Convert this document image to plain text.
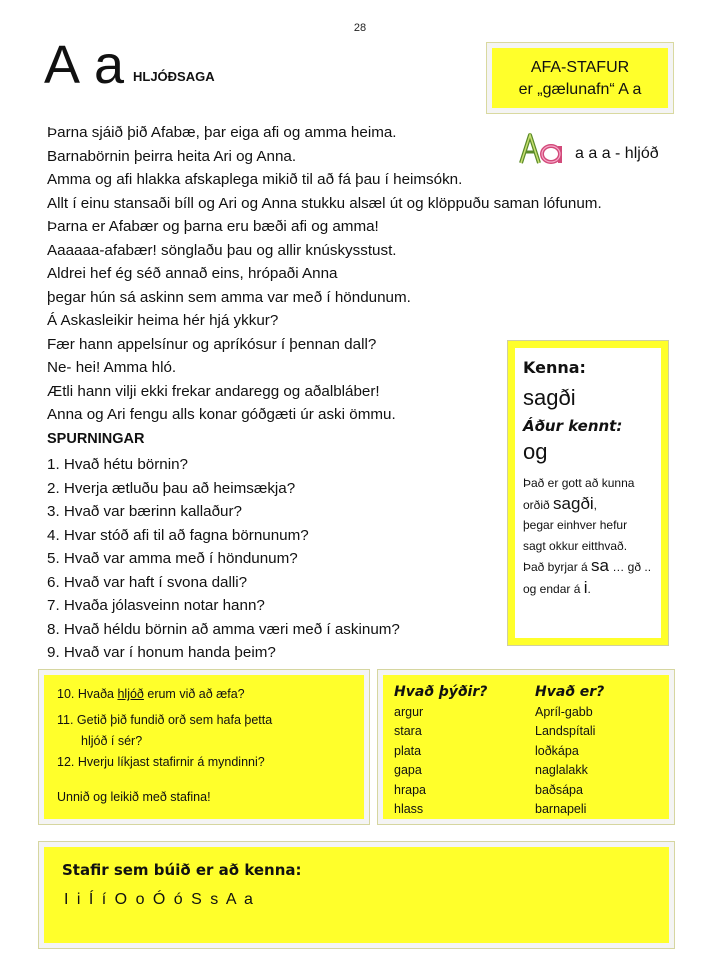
28
A a HLJÓÐSAGA
AFA-STAFUR
er „gælunafn“ A a
a a a - hljóð
Þarna sjáið þið Afabæ, þar eiga afi og amma heima.
Barnabörnin þeirra heita Ari og Anna.
Amma og afi hlakka afskaplega mikið til að fá þau í heimsókn.
Allt í einu stansaði bíll og Ari og Anna stukku alsæl út og klöppuðu saman lófunum.
Þarna er Afabær og þarna eru bæði afi og amma!
Aaaaaa-afabær! sönglaðu þau og allir knúskysstust.
Aldrei hef ég séð annað eins, hrópaði Anna
þegar hún sá askinn sem amma var með í höndunum.
Á Askasleikir heima hér hjá ykkur?
Fær hann appelsínur og apríkósur í þennan dall?
Ne- hei! Amma hló.
Ætli hann vilji ekki frekar andaregg og aðalbláber!
Anna og Ari fengu alls konar góðgæti úr aski ömmu.
SPURNINGAR
1. Hvað hétu börnin?
2. Hverja ætluðu þau að heimsækja?
3. Hvað var bærinn kallaður?
4. Hvar stóð afi til að fagna börnunum?
5. Hvað var amma með í höndunum?
6. Hvað var haft í svona dalli?
7. Hvaða jólasveinn notar hann?
8. Hvað héldu börnin að amma væri með í askinum?
9. Hvað var í honum handa þeim?
Kenna:
sagði
Áður kennt:
og
Það er gott að kunna
orðið sagði,
þegar einhver hefur
sagt okkur eitthvað.
Það byrjar á sa … gð ..
og endar á i.
10. Hvaða hljóð erum við að æfa?
11. Getið þið fundið orð sem hafa þetta
hljóð í sér?
12. Hverju líkjast stafirnir á myndinni?
Unnið og leikið með stafina!
Hvað þýðir?
argur
stara
plata
gapa
hrapa
hlass
Hvað er?
Apríl-gabb
Landspítali
loðkápa
naglalakk
baðsápa
barnapeli
Stafir sem búið er að kenna:
I i Í í O o Ó ó S s A a
